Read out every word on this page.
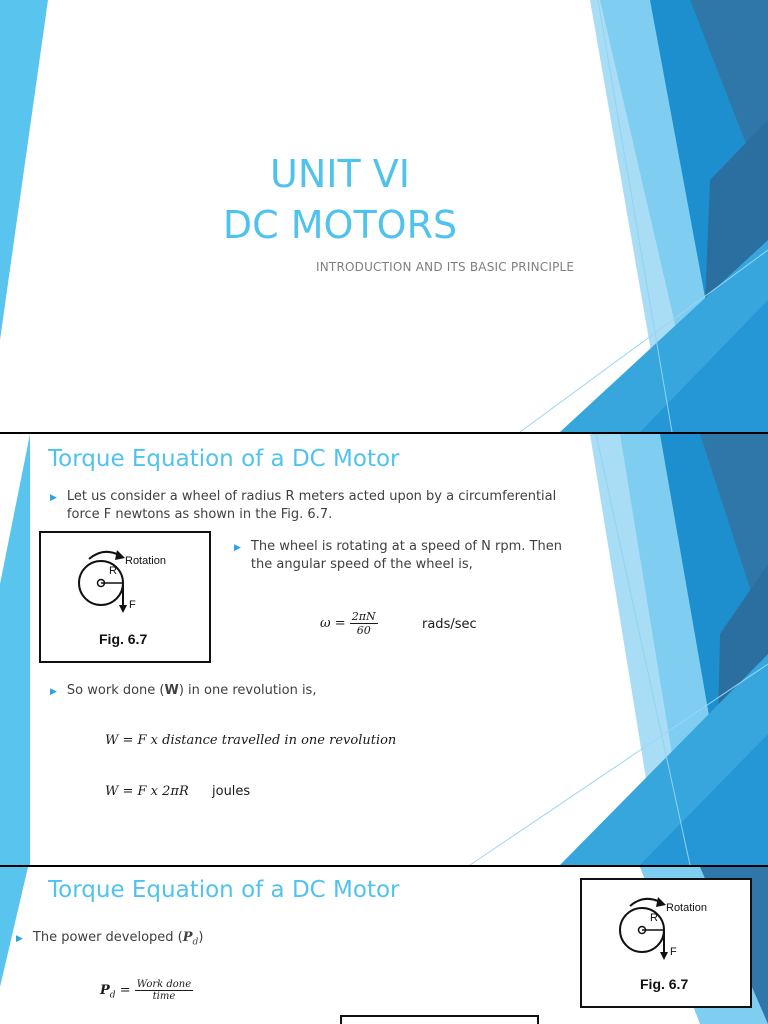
UNIT VI
DC MOTORS
INTRODUCTION AND ITS BASIC PRINCIPLE
Torque Equation of a DC Motor
▶ Let us consider a wheel of radius R meters acted upon by a circumferential force F newtons as shown in the Fig. 6.7.
Rotation
R
F
Fig. 6.7
▶ The wheel is rotating at a speed of N rpm. Then the angular speed of the wheel is,
$\omega = \frac{2\pi N}{60}$	rads/sec
▶ So work done (W) in one revolution is,
W = F x distance travelled in one revolution
W = F x 2πR joules
Torque Equation of a DC Motor
▶ The power developed $(P_d)$
$P_d = \frac{\text{Work done}}{\text{time}}$
Rotation
R
F
Fig. 6.7
